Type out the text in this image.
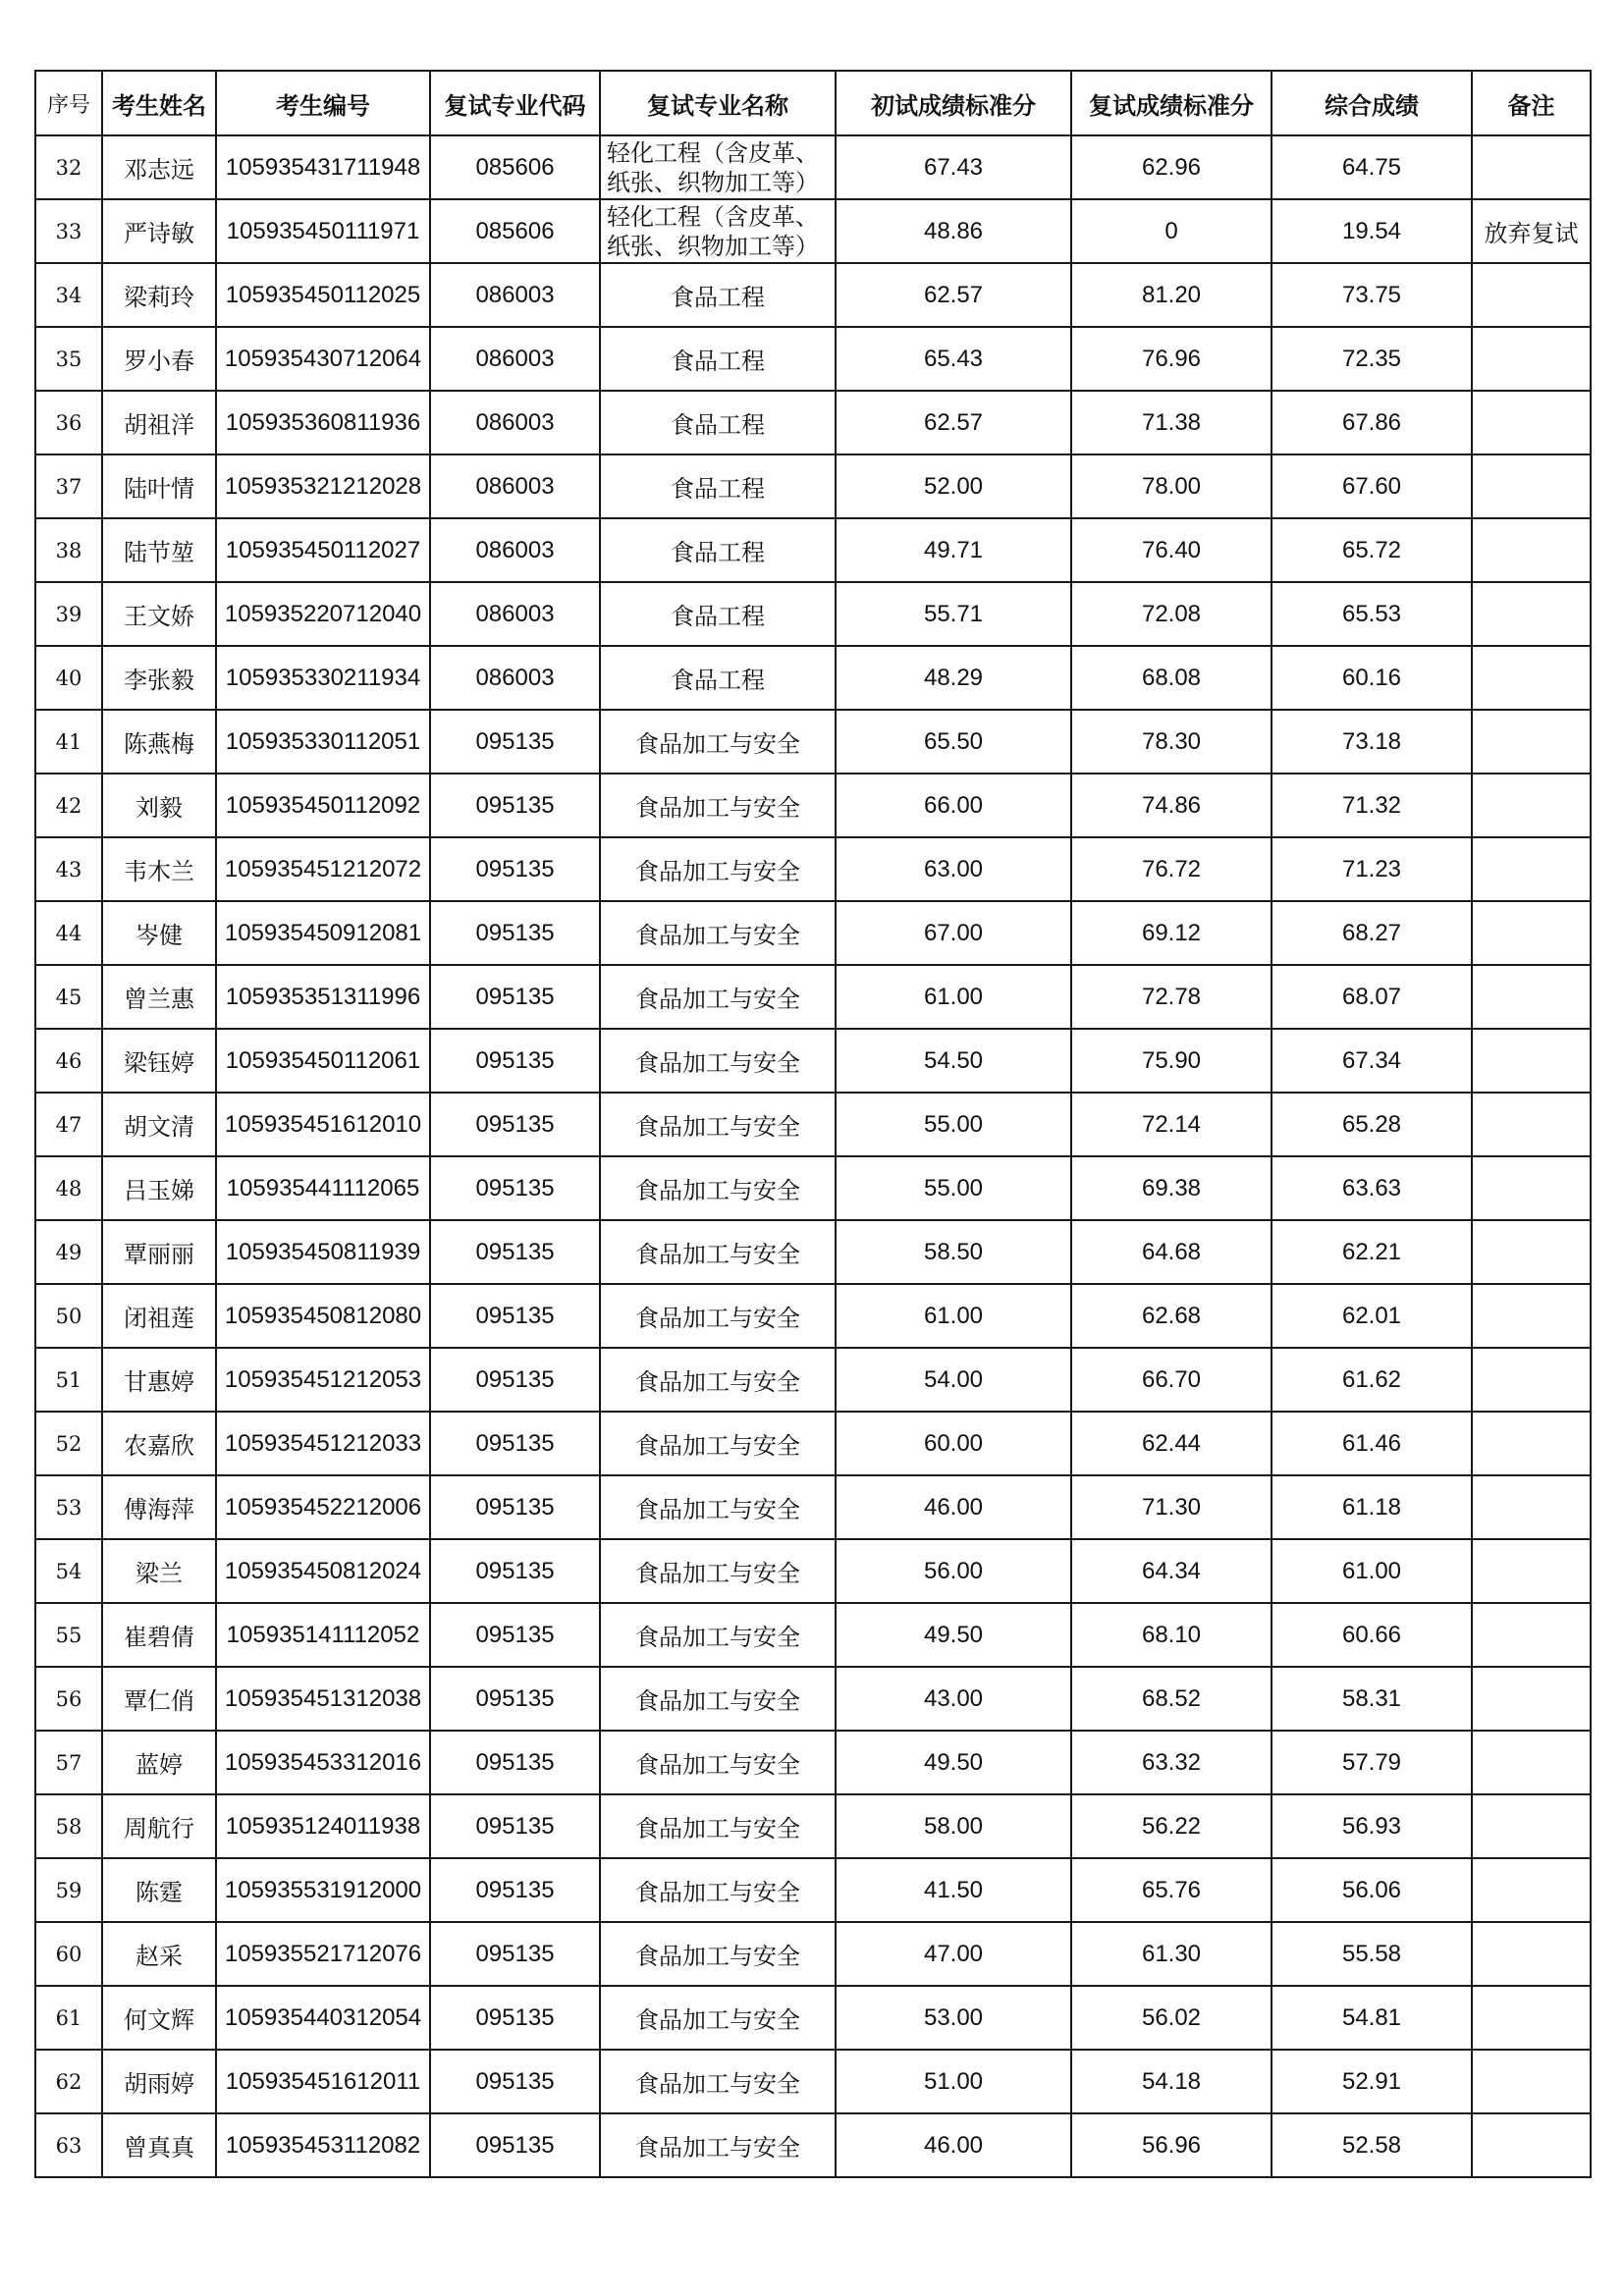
序号	考生姓名	考生编号	复试专业代码	复试专业名称	初试成绩标准分	复试成绩标准分	综合成绩	备注
32	邓志远	105935431711948	085606	轻化工程（含皮革、纸张、织物加工等）	67.43	62.96	64.75	
33	严诗敏	105935450111971	085606	轻化工程（含皮革、纸张、织物加工等）	48.86	0	19.54	放弃复试
34	梁莉玲	105935450112025	086003	食品工程	62.57	81.20	73.75	
35	罗小春	105935430712064	086003	食品工程	65.43	76.96	72.35	
36	胡祖洋	105935360811936	086003	食品工程	62.57	71.38	67.86	
37	陆叶情	105935321212028	086003	食品工程	52.00	78.00	67.60	
38	陆节堃	105935450112027	086003	食品工程	49.71	76.40	65.72	
39	王文娇	105935220712040	086003	食品工程	55.71	72.08	65.53	
40	李张毅	105935330211934	086003	食品工程	48.29	68.08	60.16	
41	陈燕梅	105935330112051	095135	食品加工与安全	65.50	78.30	73.18	
42	刘毅	105935450112092	095135	食品加工与安全	66.00	74.86	71.32	
43	韦木兰	105935451212072	095135	食品加工与安全	63.00	76.72	71.23	
44	岑健	105935450912081	095135	食品加工与安全	67.00	69.12	68.27	
45	曾兰惠	105935351311996	095135	食品加工与安全	61.00	72.78	68.07	
46	梁钰婷	105935450112061	095135	食品加工与安全	54.50	75.90	67.34	
47	胡文清	105935451612010	095135	食品加工与安全	55.00	72.14	65.28	
48	吕玉娣	105935441112065	095135	食品加工与安全	55.00	69.38	63.63	
49	覃丽丽	105935450811939	095135	食品加工与安全	58.50	64.68	62.21	
50	闭祖莲	105935450812080	095135	食品加工与安全	61.00	62.68	62.01	
51	甘惠婷	105935451212053	095135	食品加工与安全	54.00	66.70	61.62	
52	农嘉欣	105935451212033	095135	食品加工与安全	60.00	62.44	61.46	
53	傅海萍	105935452212006	095135	食品加工与安全	46.00	71.30	61.18	
54	梁兰	105935450812024	095135	食品加工与安全	56.00	64.34	61.00	
55	崔碧倩	105935141112052	095135	食品加工与安全	49.50	68.10	60.66	
56	覃仁俏	105935451312038	095135	食品加工与安全	43.00	68.52	58.31	
57	蓝婷	105935453312016	095135	食品加工与安全	49.50	63.32	57.79	
58	周航行	105935124011938	095135	食品加工与安全	58.00	56.22	56.93	
59	陈霆	105935531912000	095135	食品加工与安全	41.50	65.76	56.06	
60	赵采	105935521712076	095135	食品加工与安全	47.00	61.30	55.58	
61	何文辉	105935440312054	095135	食品加工与安全	53.00	56.02	54.81	
62	胡雨婷	105935451612011	095135	食品加工与安全	51.00	54.18	52.91	
63	曾真真	105935453112082	095135	食品加工与安全	46.00	56.96	52.58	
